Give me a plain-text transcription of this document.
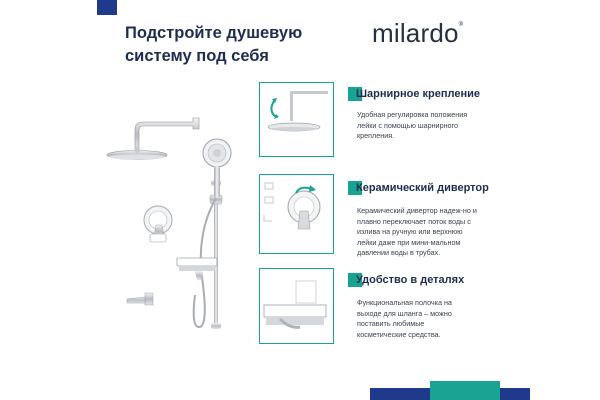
Подстройте душевую
систему под себя
milardo®
Шарнирное крепление
Удобная регулировка положения лейки с помощью шарнирного крепления.
Керамический дивертор
Керамический дивертор надеж-но и плавно переключает поток воды с излива на ручную или верхнюю лейки даже при мини-мальном давлении воды в трубах.
Удобство в деталях
Функциональная полочка на выходе для шланга – можно поставить любимые косметические средства.
